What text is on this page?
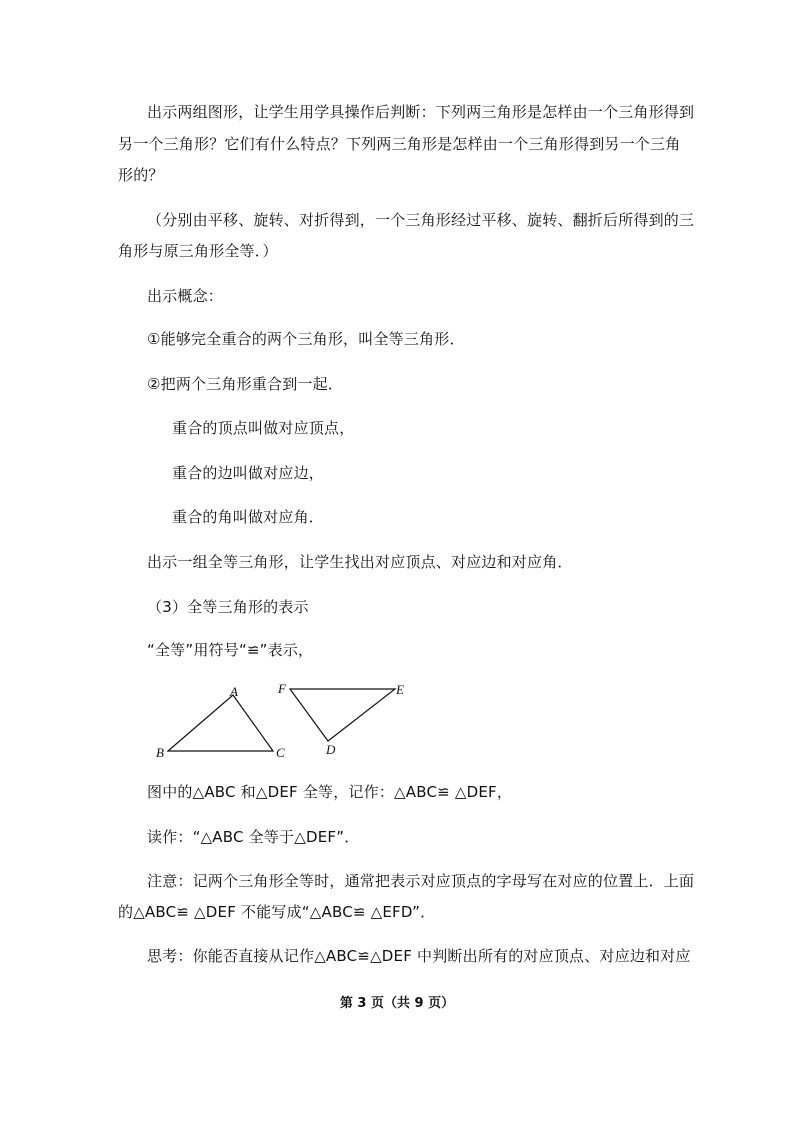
出示两组图形，让学生用学具操作后判断：下列两三角形是怎样由一个三角形得到
另一个三角形？它们有什么特点？下列两三角形是怎样由一个三角形得到另一个三角
形的？
（分别由平移、旋转、对折得到，一个三角形经过平移、旋转、翻折后所得到的三
角形与原三角形全等．）
出示概念：
①能够完全重合的两个三角形，叫全等三角形．
②把两个三角形重合到一起．
重合的顶点叫做对应顶点，
重合的边叫做对应边，
重合的角叫做对应角．
出示一组全等三角形，让学生找出对应顶点、对应边和对应角．
（3）全等三角形的表示
“全等”用符号“≌”表示，
A
B	C	D
E
F
图中的△ABC 和△DEF 全等，记作：△ABC≌ △DEF，
读作：“△ABC 全等于△DEF”．
注意：记两个三角形全等时，通常把表示对应顶点的字母写在对应的位置上．上面
的△ABC≌ △DEF 不能写成“△ABC≌ △EFD”．
思考：你能否直接从记作△ABC≌△DEF 中判断出所有的对应顶点、对应边和对应
第 3 页（共 9 页）
